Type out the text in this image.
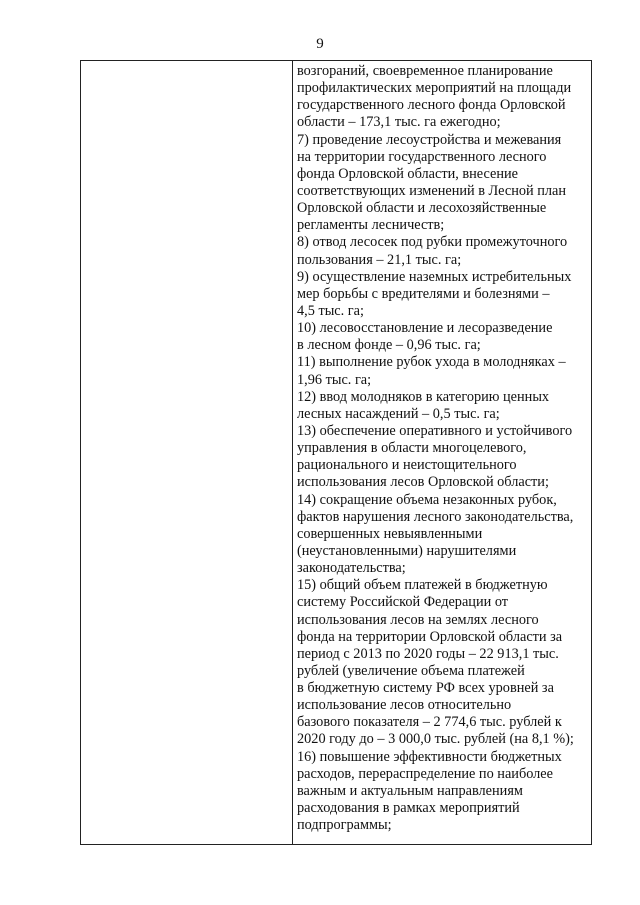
9
возгораний, своевременное планирование
профилактических мероприятий на площади
государственного лесного фонда Орловской
области – 173,1 тыс. га ежегодно;
7) проведение лесоустройства и межевания
на территории государственного лесного
фонда Орловской области, внесение
соответствующих изменений в Лесной план
Орловской области и лесохозяйственные
регламенты лесничеств;
8) отвод лесосек под рубки промежуточного
пользования – 21,1 тыс. га;
9) осуществление наземных истребительных
мер борьбы с вредителями и болезнями –
4,5 тыс. га;
10) лесовосстановление и лесоразведение
в лесном фонде – 0,96 тыс. га;
11) выполнение рубок ухода в молодняках –
1,96 тыс. га;
12) ввод молодняков в категорию ценных
лесных насаждений – 0,5 тыс. га;
13) обеспечение оперативного и устойчивого
управления в области многоцелевого,
рационального и неистощительного
использования лесов Орловской области;
14) сокращение объема незаконных рубок,
фактов нарушения лесного законодательства,
совершенных невыявленными
(неустановленными) нарушителями
законодательства;
15) общий объем платежей в бюджетную
систему Российской Федерации от
использования лесов на землях лесного
фонда на территории Орловской области за
период с 2013 по 2020 годы – 22 913,1 тыс.
рублей (увеличение объема платежей
в бюджетную систему РФ всех уровней за
использование лесов относительно
базового показателя – 2 774,6 тыс. рублей к
2020 году до – 3 000,0 тыс. рублей (на 8,1 %);
16) повышение эффективности бюджетных
расходов, перераспределение по наиболее
важным и актуальным направлениям
расходования в рамках мероприятий
подпрограммы;
